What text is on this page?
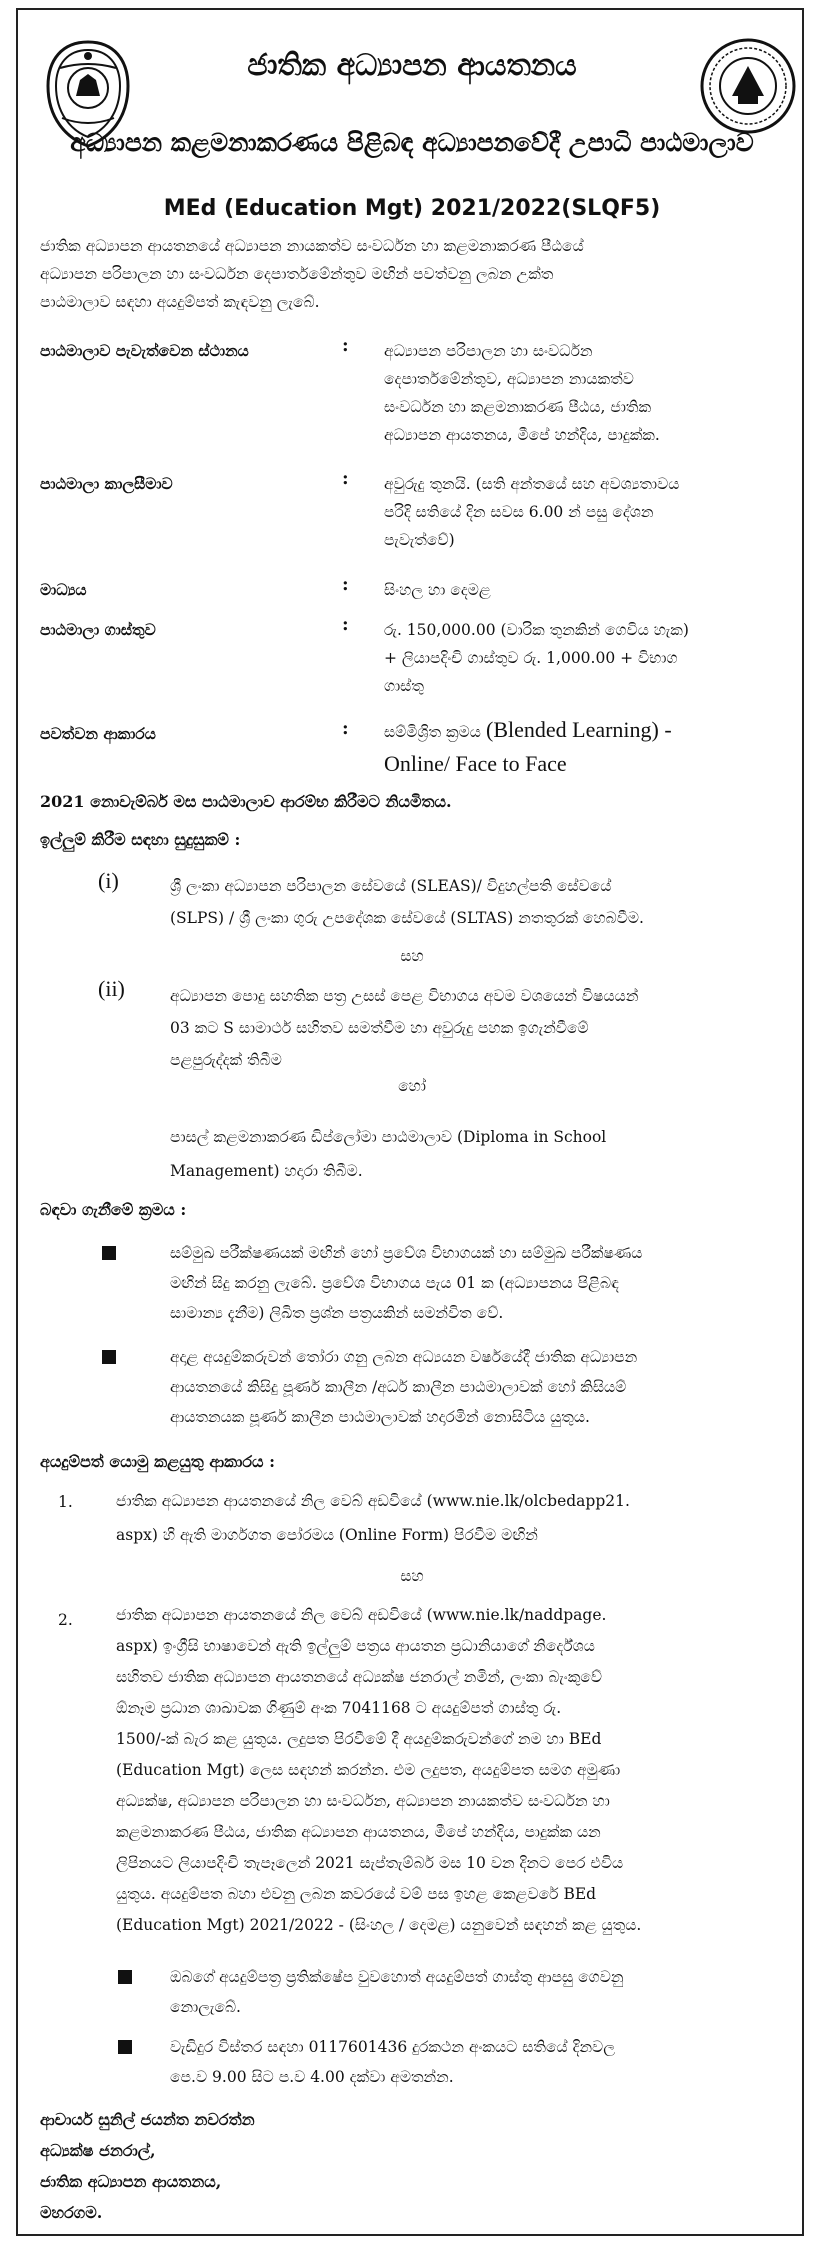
ජාතික අධ්‍යාපන ආයතනය
අධ්‍යාපන කළමනාකරණය පිළිබඳ අධ්‍යාපනවේදී උපාධි පාඨමාලාව
MEd (Education Mgt) 2021/2022(SLQF5)
ජාතික අධ්‍යාපන ආයතනයේ අධ්‍යාපන නායකත්ව සංවර්ධන හා කළමනාකරණ පීඨයේ
අධ්‍යාපන පරිපාලන හා සංවර්ධන දෙපාර්තමේන්තුව මඟින් පවත්වනු ලබන උක්ත
පාඨමාලාව සඳහා අයදුම්පත් කැඳවනු ලැබේ.
පාඨමාලාව පැවැත්වෙන ස්ථානය	: අධ්‍යාපන පරිපාලන හා සංවර්ධන
දෙපාර්තමේන්තුව, අධ්‍යාපන නායකත්ව
සංවර්ධන හා කළමනාකරණ පීඨය, ජාතික
අධ්‍යාපන ආයතනය, මීපේ හන්දිය, පාදුක්ක.
පාඨමාලා කාලසීමාව	: අවුරුදු තුනයි. (සති අන්තයේ සහ අවශ්‍යතාවය
පරිදි සතියේ දින සවස 6.00 න් පසු දේශන
පැවැත්වේ)
මාධ්‍යය	: සිංහල හා දෙමළ
පාඨමාලා ගාස්තුව	: රු. 150,000.00 (වාරික තුනකින් ගෙවිය හැක)
+ ලියාපදිංචි ගාස්තුව රු. 1,000.00 + විභාග
ගාස්තු
පවත්වන ආකාරය	: සම්මිශ්‍රිත ක්‍රමය (Blended Learning) -
Online/ Face to Face
2021 නොවැම්බර් මස පාඨමාලාව ආරම්භ කිරීමට නියමිතය.
ඉල්ලුම් කිරීම සඳහා සුදුසුකම් :
(i)	ශ්‍රී ලංකා අධ්‍යාපන පරිපාලන සේවයේ (SLEAS)/ විදුහල්පති සේවයේ
(SLPS) / ශ්‍රී ලංකා ගුරු උපදේශක සේවයේ (SLTAS) නතතුරක් හෙබවීම.
සහ
(ii)	අධ්‍යාපන පොදු සහතික පත්‍ර උසස් පෙළ විභාගය අවම වශයෙන් විෂයයන්
03 කට S සාමාර්ථ සහිතව සමත්වීම හා අවුරුදු පහක ඉගැන්වීමේ
පළපුරුද්දක් තිබීම
හෝ
පාසල් කළමනාකරණ ඩිප්ලෝමා පාඨමාලාව (Diploma in School
Management) හදාරා තිබීම.
බඳවා ගැනීමේ ක්‍රමය :
සම්මුඛ පරීක්ෂණයක් මඟින් හෝ ප්‍රවේශ විභාගයක් හා සම්මුඛ පරීක්ෂණය
මඟින් සිදු කරනු ලැබේ. ප්‍රවේශ විභාගය පැය 01 ක (අධ්‍යාපනය පිළිබඳ
සාමාන්‍ය දැනීම) ලිඛිත ප්‍රශ්න පත්‍රයකින් සමන්විත වේ.
අදාළ අයදුම්කරුවන් තෝරා ගනු ලබන අධ්‍යයන වර්ෂයේදී ජාතික අධ්‍යාපන
ආයතනයේ කිසිදු පූර්ණ කාලීන /අර්ධ කාලීන පාඨමාලාවක් හෝ කිසියම්
ආයතනයක පූර්ණ කාලීන පාඨමාලාවක් හදාරමින් නොසිටිය යුතුය.
අයදුම්පත් යොමු කළයුතු ආකාරය :
1.	ජාතික අධ්‍යාපන ආයතනයේ නිල වෙබ් අඩවියේ (www.nie.lk/olcbedapp21.
aspx) හි ඇති මාර්ගගත පෝරමය (Online Form) පිරවීම මඟින්
සහ
2.	ජාතික අධ්‍යාපන ආයතනයේ නිල වෙබ් අඩවියේ (www.nie.lk/naddpage.
aspx) ඉංග්‍රීසි භාෂාවෙන් ඇති ඉල්ලුම් පත්‍රය ආයතන ප්‍රධානියාගේ නිර්දේශය
සහිතව ජාතික අධ්‍යාපන ආයතනයේ අධ්‍යක්ෂ ජනරාල් නමින්, ලංකා බැංකුවේ
ඕනෑම ප්‍රධාන ශාඛාවක ගිණුම් අංක 7041168 ට අයදුම්පත් ගාස්තු රු.
1500/-ක් බැර කළ යුතුය. ලදුපත පිරවීමේ දී අයදුම්කරුවන්ගේ නම හා BEd
(Education Mgt) ලෙස සඳහන් කරන්න. එම ලදුපත, අයදුම්පත සමග අමුණා
අධ්‍යක්ෂ, අධ්‍යාපන පරිපාලන හා සංවර්ධන, අධ්‍යාපන නායකත්ව සංවර්ධන හා
කළමනාකරණ පීඨය, ජාතික අධ්‍යාපන ආයතනය, මීපේ හන්දිය, පාදුක්ක යන
ලිපිනයට ලියාපදිංචි තැපෑලෙන් 2021 සැප්තැම්බර් මස 10 වන දිනට පෙර එවිය
යුතුය. අයදුම්පත බහා එවනු ලබන කවරයේ වම් පස ඉහළ කෙළවරේ BEd
(Education Mgt) 2021/2022 - (සිංහල / දෙමළ) යනුවෙන් සඳහන් කළ යුතුය.
ඔබගේ අයදුම්පත්‍ර ප්‍රතික්ෂේප වුවහොත් අයදුම්පත් ගාස්තු ආපසු ගෙවනු
නොලැබේ.
වැඩිදුර විස්තර සඳහා 0117601436 දුරකථන අංකයට සතියේ දිනවල
පෙ.ව 9.00 සිට ප.ව 4.00 දක්වා අමතන්න.
ආචාර්ය සුනිල් ජයන්ත නවරත්න
අධ්‍යක්ෂ ජනරාල්,
ජාතික අධ්‍යාපන ආයතනය,
මහරගම.
